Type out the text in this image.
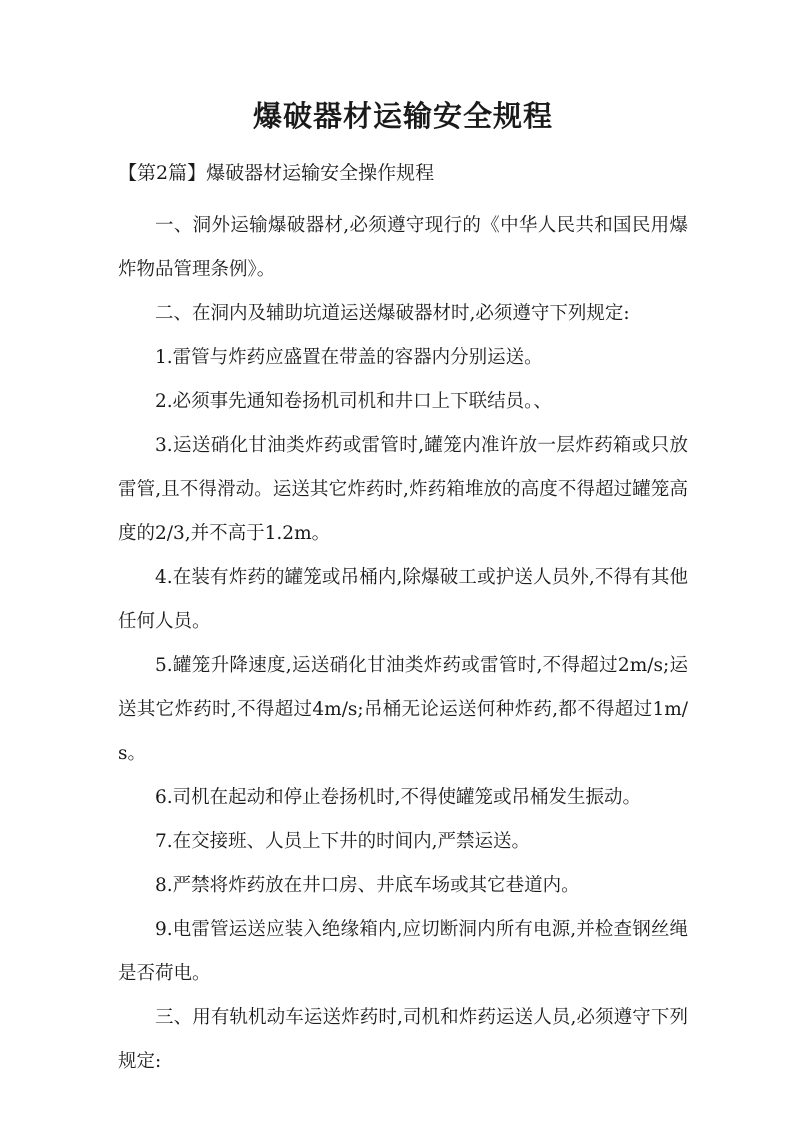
爆破器材运输安全规程
【第2篇】爆破器材运输安全操作规程

一、洞外运输爆破器材,必须遵守现行的《中华人民共和国民用爆炸物品管理条例》。

二、在洞内及辅助坑道运送爆破器材时,必须遵守下列规定:

1.雷管与炸药应盛置在带盖的容器内分别运送。

2.必须事先通知卷扬机司机和井口上下联结员。、

3.运送硝化甘油类炸药或雷管时,罐笼内准许放一层炸药箱或只放雷管,且不得滑动。运送其它炸药时,炸药箱堆放的高度不得超过罐笼高度的2/3,并不高于1.2m。

4.在装有炸药的罐笼或吊桶内,除爆破工或护送人员外,不得有其他任何人员。

5.罐笼升降速度,运送硝化甘油类炸药或雷管时,不得超过2m/s;运送其它炸药时,不得超过4m/s;吊桶无论运送何种炸药,都不得超过1m/s。

6.司机在起动和停止卷扬机时,不得使罐笼或吊桶发生振动。

7.在交接班、人员上下井的时间内,严禁运送。

8.严禁将炸药放在井口房、井底车场或其它巷道内。

9.电雷管运送应装入绝缘箱内,应切断洞内所有电源,并检查钢丝绳是否荷电。

三、用有轨机动车运送炸药时,司机和炸药运送人员,必须遵守下列规定:
